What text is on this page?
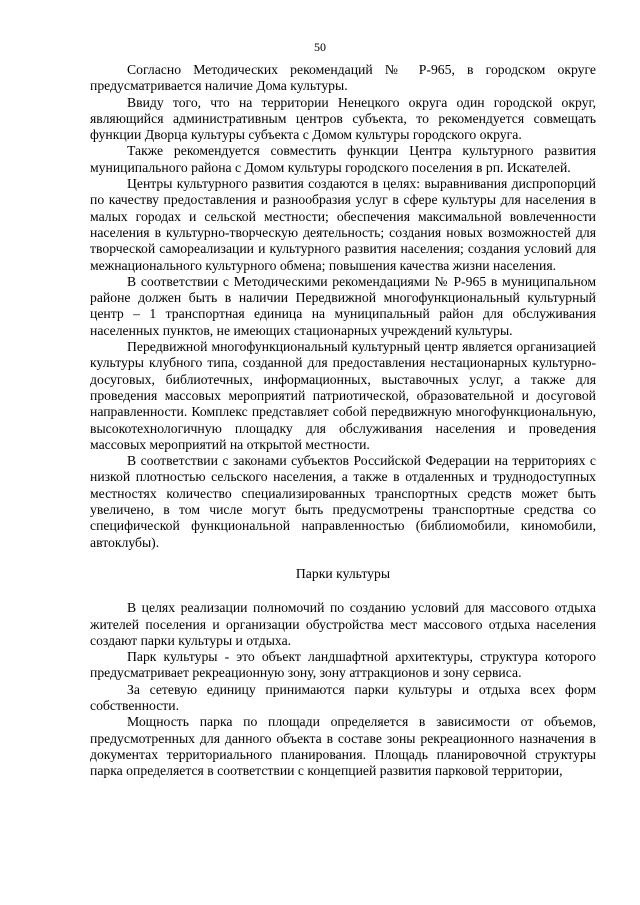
50

Согласно Методических рекомендаций № Р-965, в городском округе предусматривается наличие Дома культуры.

Ввиду того, что на территории Ненецкого округа один городской округ, являющийся административным центров субъекта, то рекомендуется совмещать функции Дворца культуры субъекта с Домом культуры городского округа.

Также рекомендуется совместить функции Центра культурного развития муниципального района с Домом культуры городского поселения в рп. Искателей.

Центры культурного развития создаются в целях: выравнивания диспропорций по качеству предоставления и разнообразия услуг в сфере культуры для населения в малых городах и сельской местности; обеспечения максимальной вовлеченности населения в культурно-творческую деятельность; создания новых возможностей для творческой самореализации и культурного развития населения; создания условий для межнационального культурного обмена; повышения качества жизни населения.

В соответствии с Методическими рекомендациями № Р-965 в муниципальном районе должен быть в наличии Передвижной многофункциональный культурный центр – 1 транспортная единица на муниципальный район для обслуживания населенных пунктов, не имеющих стационарных учреждений культуры.

Передвижной многофункциональный культурный центр является организацией культуры клубного типа, созданной для предоставления нестационарных культурно-досуговых, библиотечных, информационных, выставочных услуг, а также для проведения массовых мероприятий патриотической, образовательной и досуговой направленности. Комплекс представляет собой передвижную многофункциональную, высокотехнологичную площадку для обслуживания населения и проведения массовых мероприятий на открытой местности.

В соответствии с законами субъектов Российской Федерации на территориях с низкой плотностью сельского населения, а также в отдаленных и труднодоступных местностях количество специализированных транспортных средств может быть увеличено, в том числе могут быть предусмотрены транспортные средства со специфической функциональной направленностью (библиомобили, киномобили, автоклубы).

Парки культуры

В целях реализации полномочий по созданию условий для массового отдыха жителей поселения и организации обустройства мест массового отдыха населения создают парки культуры и отдыха.

Парк культуры - это объект ландшафтной архитектуры, структура которого предусматривает рекреационную зону, зону аттракционов и зону сервиса.

За сетевую единицу принимаются парки культуры и отдыха всех форм собственности.

Мощность парка по площади определяется в зависимости от объемов, предусмотренных для данного объекта в составе зоны рекреационного назначения в документах территориального планирования. Площадь планировочной структуры парка определяется в соответствии с концепцией развития парковой территории,
